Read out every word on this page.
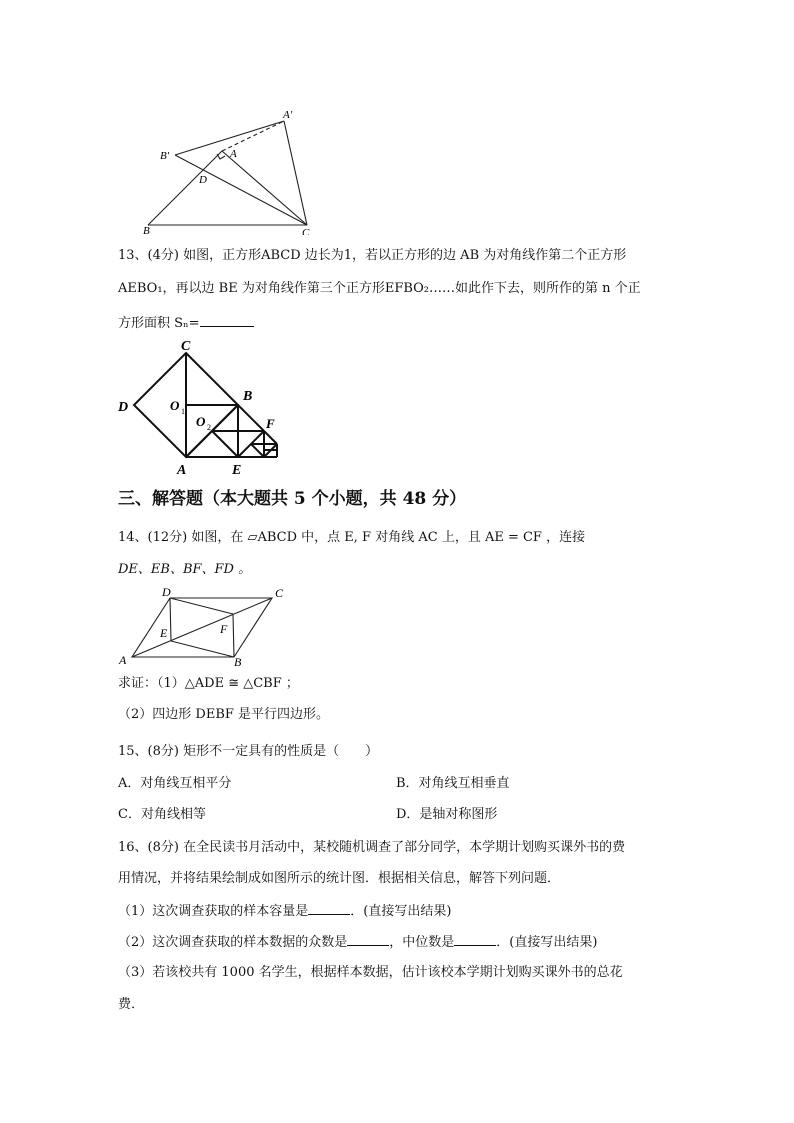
A′
B′	A
D
B	C
13、(4分) 如图，正方形ABCD 边长为1，若以正方形的边 AB 为对角线作第二个正方形
AEBO₁，再以边 BE 为对角线作第三个正方形EFBO₂……如此作下去，则所作的第 n 个正
方形面积 Sₙ=
C
D	O 1
B
O 2	F
A	E
三、解答题（本大题共 5 个小题，共 48 分）
14、(12分) 如图，在 ▱ABCD 中，点 E, F 对角线 AC 上，且 AE = CF ，连接
DE、EB、BF、FD 。
D	C
E	F
A	B
求证：（1）△ADE ≅ △CBF ；
（2）四边形 DEBF 是平行四边形。
15、(8分) 矩形不一定具有的性质是（　　）
A．对角线互相平分	B．对角线互相垂直
C．对角线相等	D．是轴对称图形
16、(8分) 在全民读书月活动中，某校随机调查了部分同学，本学期计划购买课外书的费
用情况，并将结果绘制成如图所示的统计图．根据相关信息，解答下列问题．
（1）这次调查获取的样本容量是	．(直接写出结果)
（2）这次调查获取的样本数据的众数是	，中位数是	．(直接写出结果)
（3）若该校共有 1000 名学生，根据样本数据，估计该校本学期计划购买课外书的总花
费．
